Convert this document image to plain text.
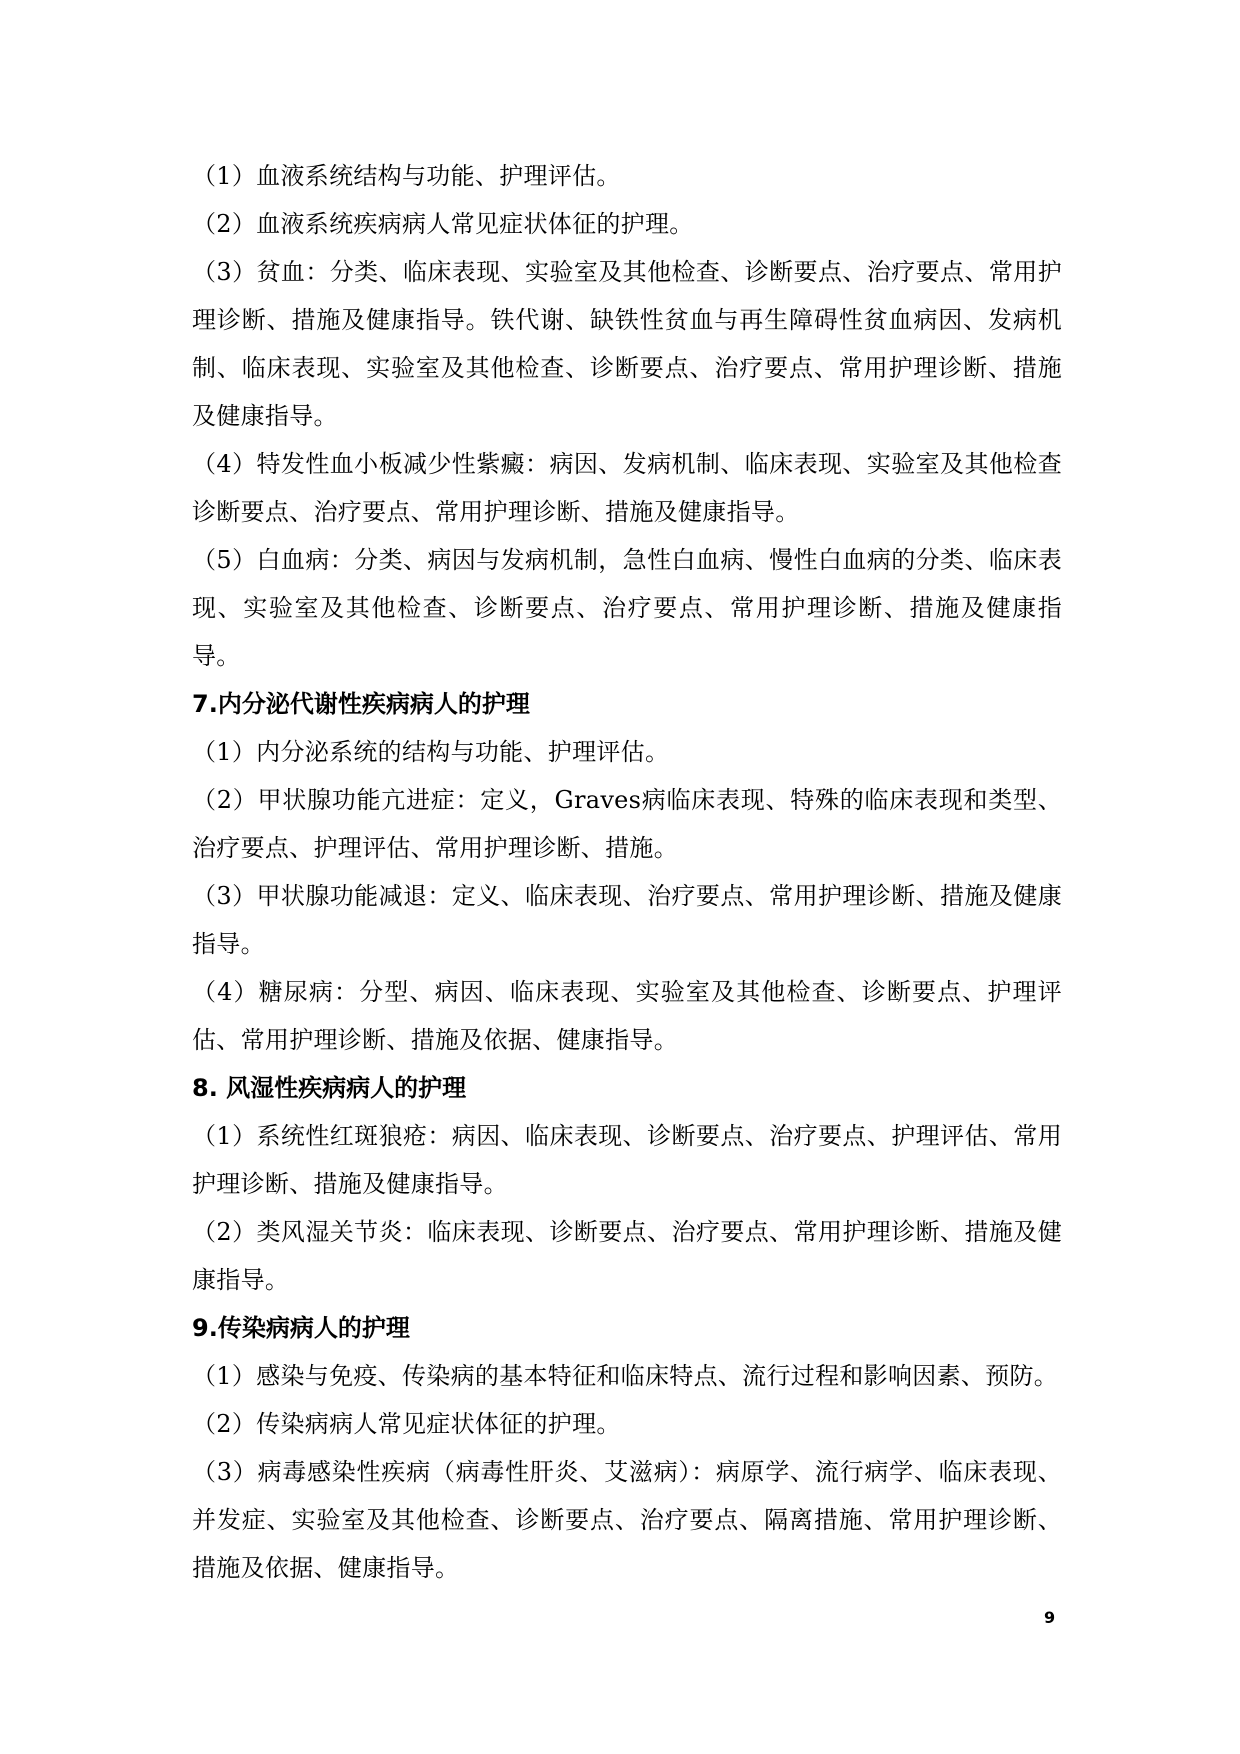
（1）血液系统结构与功能、护理评估。

（2）血液系统疾病病人常见症状体征的护理。

（3）贫血：分类、临床表现、实验室及其他检查、诊断要点、治疗要点、常用护理诊断、措施及健康指导。铁代谢、缺铁性贫血与再生障碍性贫血病因、发病机制、临床表现、实验室及其他检查、诊断要点、治疗要点、常用护理诊断、措施及健康指导。

（4）特发性血小板减少性紫癜：病因、发病机制、临床表现、实验室及其他检查诊断要点、治疗要点、常用护理诊断、措施及健康指导。

（5）白血病：分类、病因与发病机制，急性白血病、慢性白血病的分类、临床表现、实验室及其他检查、诊断要点、治疗要点、常用护理诊断、措施及健康指导。

7.内分泌代谢性疾病病人的护理

（1）内分泌系统的结构与功能、护理评估。

（2）甲状腺功能亢进症：定义，Graves病临床表现、特殊的临床表现和类型、治疗要点、护理评估、常用护理诊断、措施。

（3）甲状腺功能减退：定义、临床表现、治疗要点、常用护理诊断、措施及健康指导。

（4）糖尿病：分型、病因、临床表现、实验室及其他检查、诊断要点、护理评估、常用护理诊断、措施及依据、健康指导。

8. 风湿性疾病病人的护理

（1）系统性红斑狼疮：病因、临床表现、诊断要点、治疗要点、护理评估、常用护理诊断、措施及健康指导。

（2）类风湿关节炎：临床表现、诊断要点、治疗要点、常用护理诊断、措施及健康指导。

9.传染病病人的护理

（1）感染与免疫、传染病的基本特征和临床特点、流行过程和影响因素、预防。

（2）传染病病人常见症状体征的护理。

（3）病毒感染性疾病（病毒性肝炎、艾滋病）：病原学、流行病学、临床表现、并发症、实验室及其他检查、诊断要点、治疗要点、隔离措施、常用护理诊断、措施及依据、健康指导。

9
